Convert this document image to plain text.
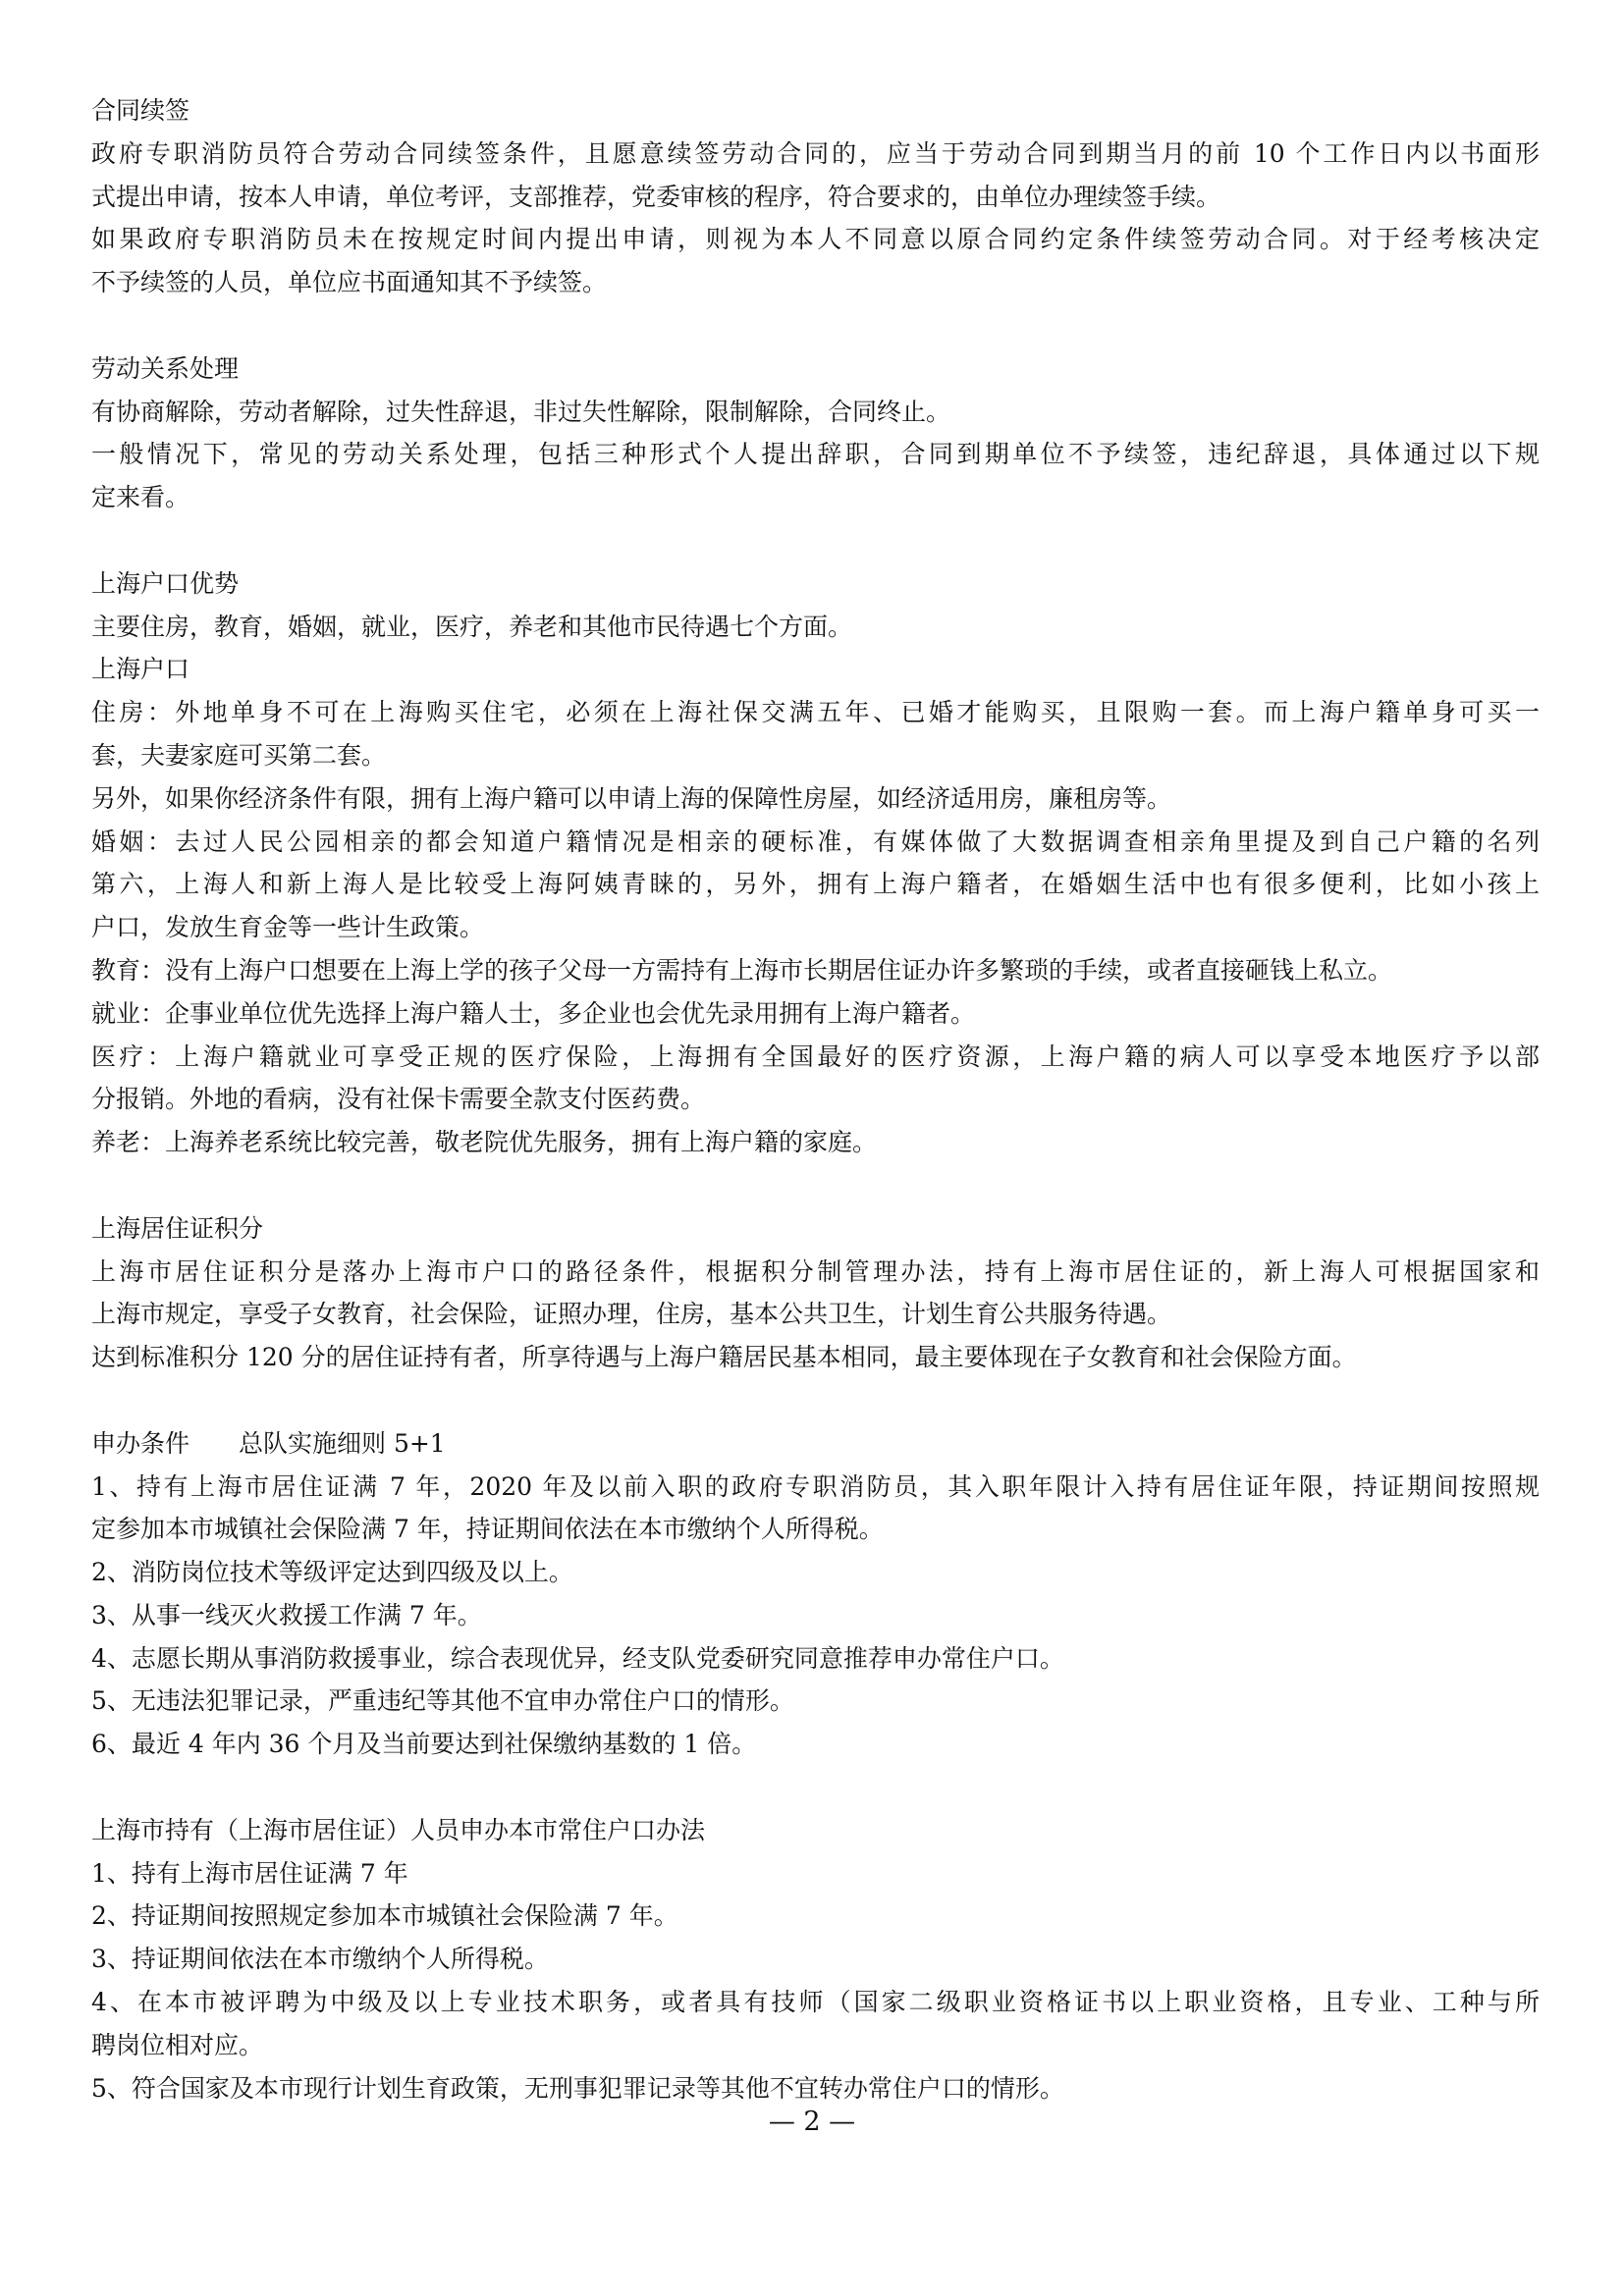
合同续签
政府专职消防员符合劳动合同续签条件，且愿意续签劳动合同的，应当于劳动合同到期当月的前 10 个工作日内以书面形
式提出申请，按本人申请，单位考评，支部推荐，党委审核的程序，符合要求的，由单位办理续签手续。
如果政府专职消防员未在按规定时间内提出申请，则视为本人不同意以原合同约定条件续签劳动合同。对于经考核决定
不予续签的人员，单位应书面通知其不予续签。
劳动关系处理
有协商解除，劳动者解除，过失性辞退，非过失性解除，限制解除，合同终止。
一般情况下，常见的劳动关系处理，包括三种形式个人提出辞职，合同到期单位不予续签，违纪辞退，具体通过以下规
定来看。
上海户口优势
主要住房，教育，婚姻，就业，医疗，养老和其他市民待遇七个方面。
上海户口
住房：外地单身不可在上海购买住宅，必须在上海社保交满五年、已婚才能购买，且限购一套。而上海户籍单身可买一
套，夫妻家庭可买第二套。
另外，如果你经济条件有限，拥有上海户籍可以申请上海的保障性房屋，如经济适用房，廉租房等。
婚姻：去过人民公园相亲的都会知道户籍情况是相亲的硬标准，有媒体做了大数据调查相亲角里提及到自己户籍的名列
第六，上海人和新上海人是比较受上海阿姨青睐的，另外，拥有上海户籍者，在婚姻生活中也有很多便利，比如小孩上
户口，发放生育金等一些计生政策。
教育：没有上海户口想要在上海上学的孩子父母一方需持有上海市长期居住证办许多繁琐的手续，或者直接砸钱上私立。
就业：企事业单位优先选择上海户籍人士，多企业也会优先录用拥有上海户籍者。
医疗：上海户籍就业可享受正规的医疗保险，上海拥有全国最好的医疗资源，上海户籍的病人可以享受本地医疗予以部
分报销。外地的看病，没有社保卡需要全款支付医药费。
养老：上海养老系统比较完善，敬老院优先服务，拥有上海户籍的家庭。
上海居住证积分
上海市居住证积分是落办上海市户口的路径条件，根据积分制管理办法，持有上海市居住证的，新上海人可根据国家和
上海市规定，享受子女教育，社会保险，证照办理，住房，基本公共卫生，计划生育公共服务待遇。
达到标准积分 120 分的居住证持有者，所享待遇与上海户籍居民基本相同，最主要体现在子女教育和社会保险方面。
申办条件　　总队实施细则 5+1
1、持有上海市居住证满 7 年，2020 年及以前入职的政府专职消防员，其入职年限计入持有居住证年限，持证期间按照规
定参加本市城镇社会保险满 7 年，持证期间依法在本市缴纳个人所得税。
2、消防岗位技术等级评定达到四级及以上。
3、从事一线灭火救援工作满 7 年。
4、志愿长期从事消防救援事业，综合表现优异，经支队党委研究同意推荐申办常住户口。
5、无违法犯罪记录，严重违纪等其他不宜申办常住户口的情形。
6、最近 4 年内 36 个月及当前要达到社保缴纳基数的 1 倍。
上海市持有（上海市居住证）人员申办本市常住户口办法
1、持有上海市居住证满 7 年
2、持证期间按照规定参加本市城镇社会保险满 7 年。
3、持证期间依法在本市缴纳个人所得税。
4、在本市被评聘为中级及以上专业技术职务，或者具有技师（国家二级职业资格证书以上职业资格，且专业、工种与所
聘岗位相对应。
5、符合国家及本市现行计划生育政策，无刑事犯罪记录等其他不宜转办常住户口的情形。
— 2 —
